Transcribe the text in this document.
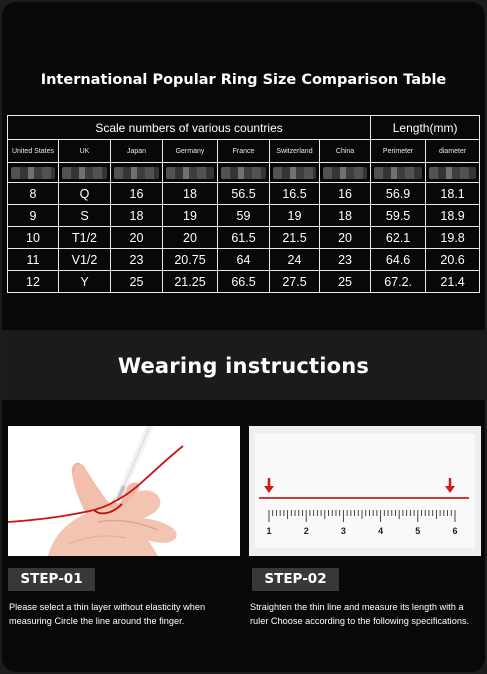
International Popular Ring Size Comparison Table
Scale numbers of various countries							Length(mm)	
United States	UK	Japan	Germany	France	Switzerland	China	Perimeter	diameter

8	Q	16	18	56.5	16.5	16	56.9	18.1
9	S	18	19	59	19	18	59.5	18.9
10	T1/2	20	20	61.5	21.5	20	62.1	19.8
11	V1/2	23	20.75	64	24	23	64.6	20.6
12	Y	25	21.25	66.5	27.5	25	67.2.	21.4
Wearing instructions
1	2	3	4	5	6
STEP-01	STEP-02
Please select a thin layer without elasticity when measuring Circle the line around the finger.
Straighten the thin line and measure its length with a ruler Choose according to the following specifications.
